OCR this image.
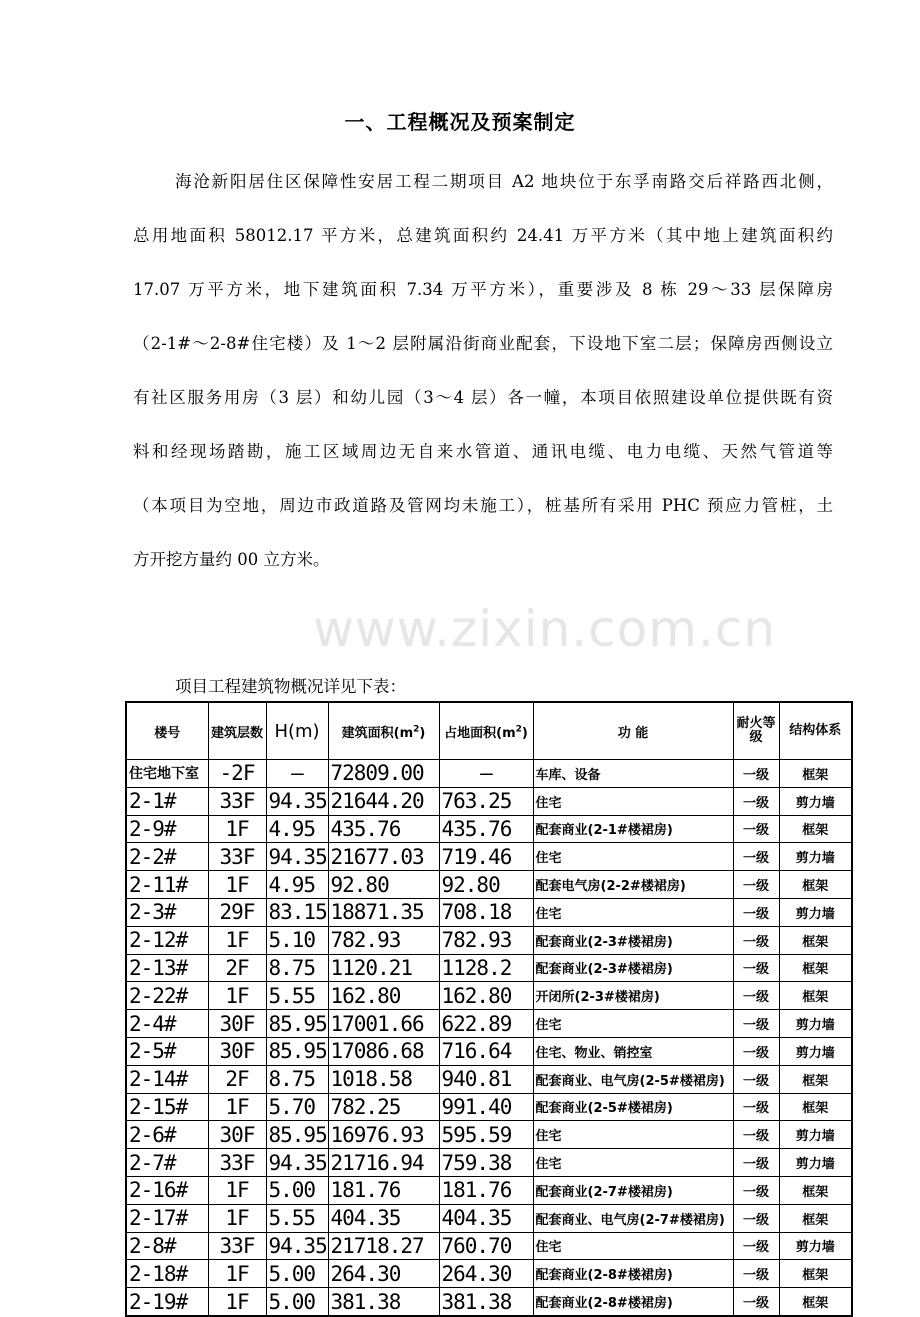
一、工程概况及预案制定
海沧新阳居住区保障性安居工程二期项目 A2 地块位于东孚南路交后祥路西北侧，
总用地面积 58012.17 平方米，总建筑面积约 24.41 万平方米（其中地上建筑面积约
17.07 万平方米，地下建筑面积 7.34 万平方米），重要涉及 8 栋 29～33 层保障房
（2-1#～2-8#住宅楼）及 1～2 层附属沿街商业配套，下设地下室二层；保障房西侧设立
有社区服务用房（3 层）和幼儿园（3～4 层）各一幢，本项目依照建设单位提供既有资
料和经现场踏勘，施工区域周边无自来水管道、通讯电缆、电力电缆、天然气管道等
（本项目为空地，周边市政道路及管网均未施工），桩基所有采用 PHC 预应力管桩，土
方开挖方量约 00 立方米。
www.zixin.com.cn
项目工程建筑物概况详见下表：
楼号	建筑层数	H(m)	建筑面积$(m^2)$	占地面积$(m^2)$	功 能	耐火等级	结构体系
住宅地下室	-2F	—	72809.00	—	车库、设备	一级	框架
2-1#	33F	94.35	21644.20	763.25	住宅	一级	剪力墙
2-9#	1F	4.95	435.76	435.76	配套商业(2-1#楼裙房)	一级	框架
2-2#	33F	94.35	21677.03	719.46	住宅	一级	剪力墙
2-11#	1F	4.95	92.80	92.80	配套电气房(2-2#楼裙房)	一级	框架
2-3#	29F	83.15	18871.35	708.18	住宅	一级	剪力墙
2-12#	1F	5.10	782.93	782.93	配套商业(2-3#楼裙房)	一级	框架
2-13#	2F	8.75	1120.21	1128.2	配套商业(2-3#楼裙房)	一级	框架
2-22#	1F	5.55	162.80	162.80	开闭所(2-3#楼裙房)	一级	框架
2-4#	30F	85.95	17001.66	622.89	住宅	一级	剪力墙
2-5#	30F	85.95	17086.68	716.64	住宅、物业、销控室	一级	剪力墙
2-14#	2F	8.75	1018.58	940.81	配套商业、电气房(2-5#楼裙房)	一级	框架
2-15#	1F	5.70	782.25	991.40	配套商业(2-5#楼裙房)	一级	框架
2-6#	30F	85.95	16976.93	595.59	住宅	一级	剪力墙
2-7#	33F	94.35	21716.94	759.38	住宅	一级	剪力墙
2-16#	1F	5.00	181.76	181.76	配套商业(2-7#楼裙房)	一级	框架
2-17#	1F	5.55	404.35	404.35	配套商业、电气房(2-7#楼裙房)	一级	框架
2-8#	33F	94.35	21718.27	760.70	住宅	一级	剪力墙
2-18#	1F	5.00	264.30	264.30	配套商业(2-8#楼裙房)	一级	框架
2-19#	1F	5.00	381.38	381.38	配套商业(2-8#楼裙房)	一级	框架
